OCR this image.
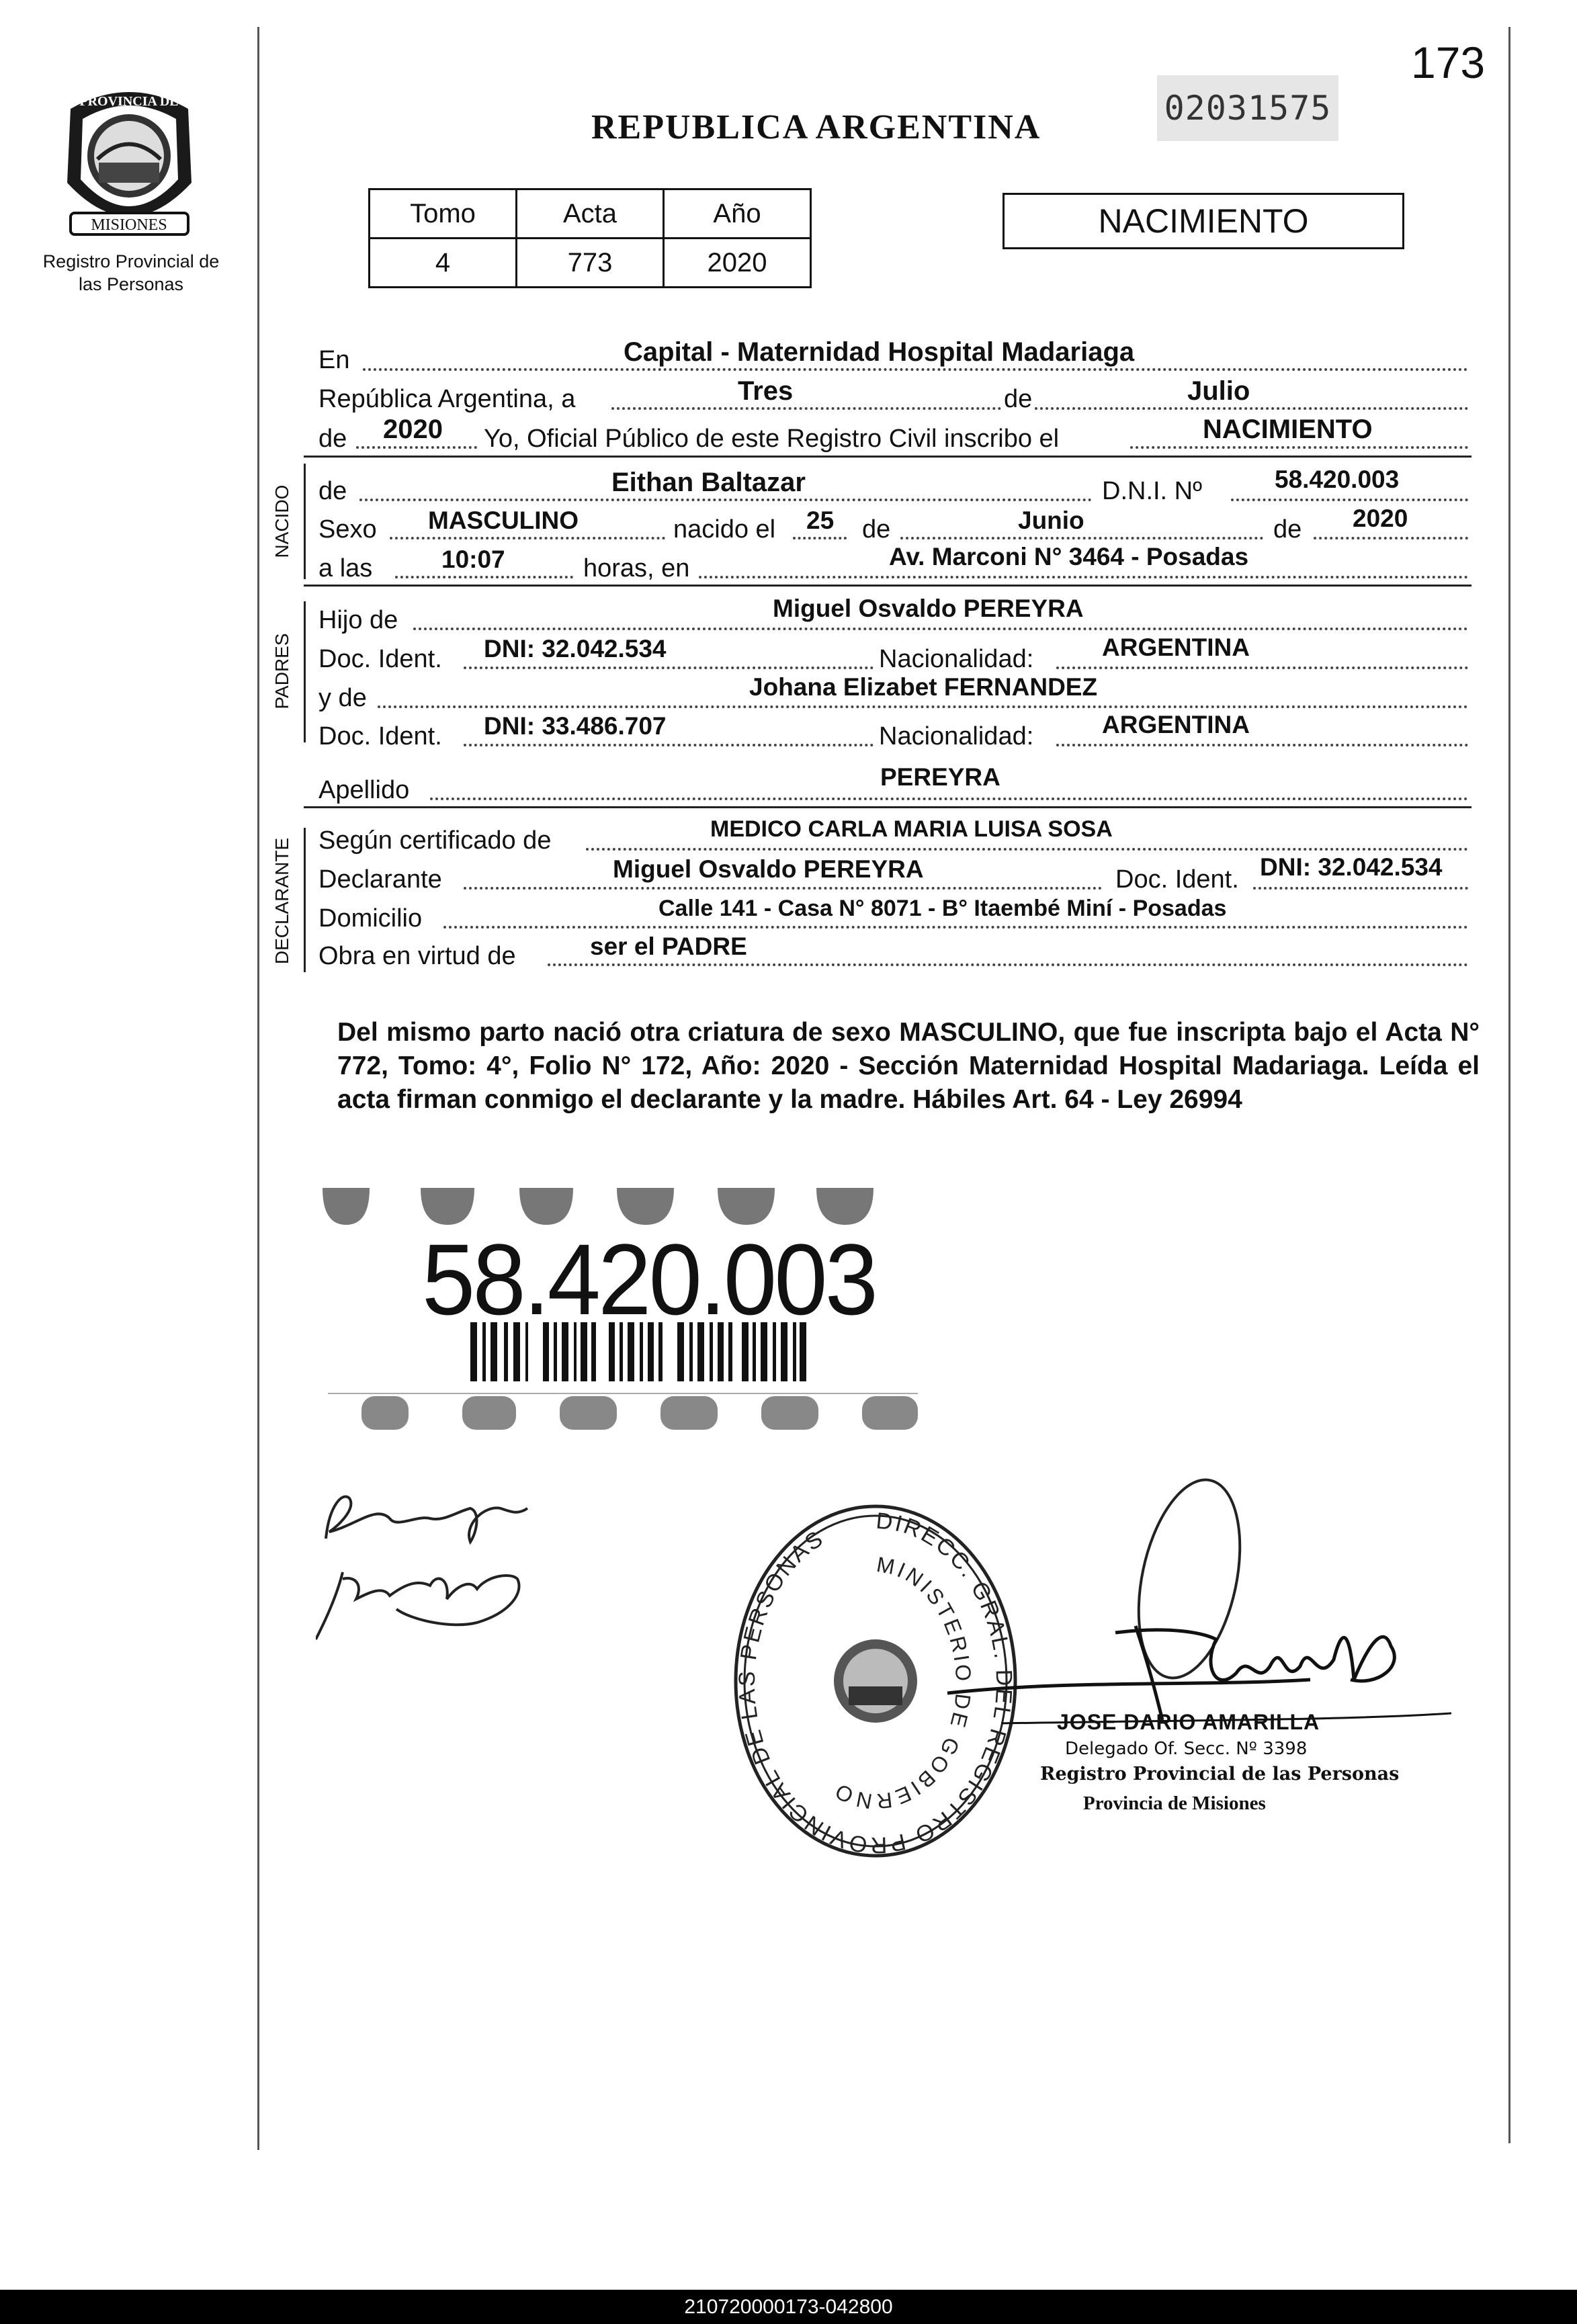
173
02031575
PROVINCIA DE
MISIONES
Registro Provincial de las Personas
REPUBLICA ARGENTINA
Tomo	Acta	Año
4	773	2020
NACIMIENTO
En	Capital - Maternidad Hospital Madariaga
República Argentina, a	Tres	de	Julio
de 2020 Yo, Oficial Público de este Registro Civil inscribo el	NACIMIENTO
NACIDO de	Eithan Baltazar	D.N.I. Nº	58.420.003
Sexo MASCULINO	nacido el 25 de	Junio	de 2020
a las	10:07	horas, en	Av. Marconi N° 3464 - Posadas
PADRES
Hijo de	Miguel Osvaldo PEREYRA
Doc. Ident. DNI: 32.042.534	Nacionalidad:	ARGENTINA
y de	Johana Elizabet FERNANDEZ
Doc. Ident. DNI: 33.486.707	Nacionalidad:	ARGENTINA
Apellido	PEREYRA
DECLARANTE Según certificado de	MEDICO CARLA MARIA LUISA SOSA
Declarante	Miguel Osvaldo PEREYRA	Doc. Ident. DNI: 32.042.534
Domicilio	Calle 141 - Casa N° 8071 - B° Itaembé Miní - Posadas
Obra en virtud de	ser el PADRE
Del mismo parto nació otra criatura de sexo MASCULINO, que fue inscripta bajo el Acta N° 772, Tomo: 4°, Folio N° 172, Año: 2020 - Sección Maternidad Hospital Madariaga. Leída el acta firman conmigo el declarante y la madre. Hábiles Art. 64 - Ley 26994
58.420.003
DIRECC. GRAL. DEL REGISTRO PROVINCIAL DE LAS PERSONAS
MINISTERIO DE GOBIERNO
JOSE DARIO AMARILLA
Delegado Of. Secc. Nº 3398
Registro Provincial de las Personas
Provincia de Misiones
210720000173-042800
